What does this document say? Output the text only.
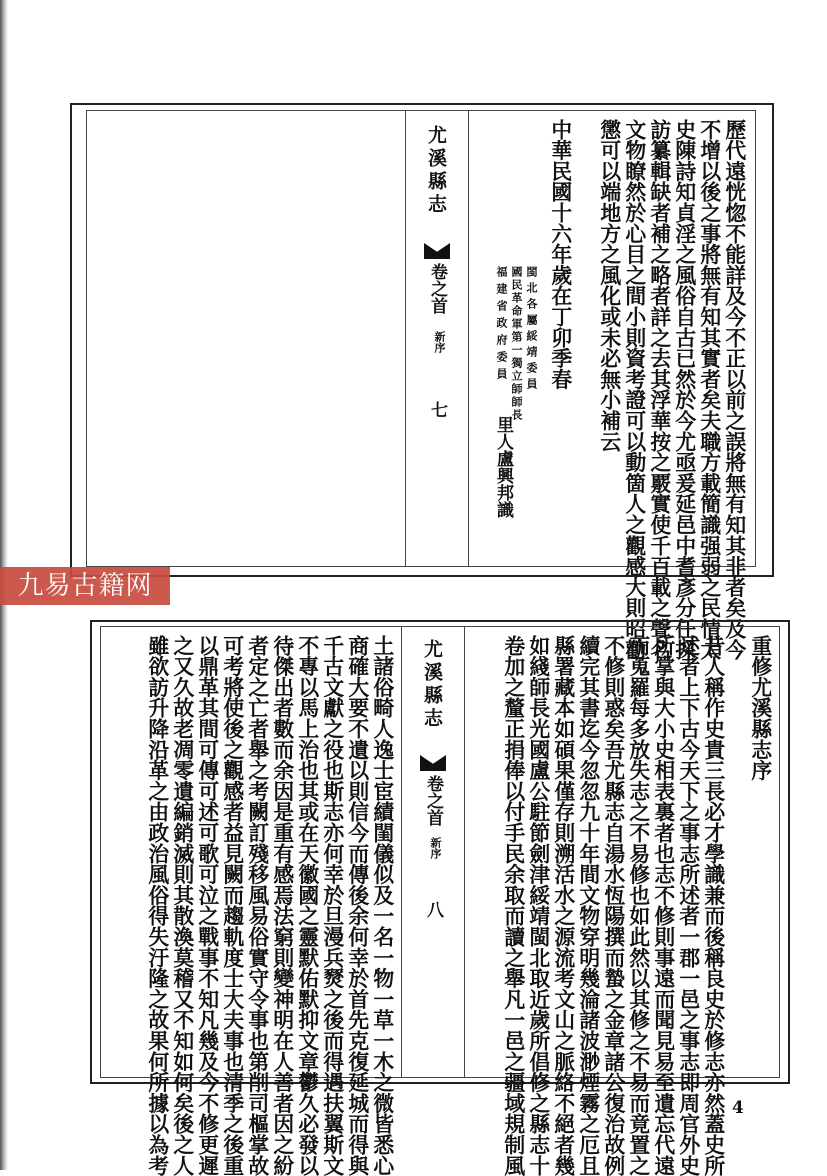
歷代遠恍惚不能詳及今不正以前之誤將無有知其非者矣及今
不增以後之事將無有知其實者矣夫職方載簡識强弱之民情太
史陳詩知貞淫之風俗自古已然於今尤亟爰延邑中耆彥分任採
訪纂輯缺者補之略者詳之去其浮華按之覈實使千百載之聲名
文物瞭然於心目之間小則資考證可以動箇人之觀感大則昭勸
懲可以端地方之風化或未必無小補云
中華民國十六年歲在丁卯季春
閩北各屬綏靖委員
國民革命軍第一獨立師師長
福建省政府委員
里人盧興邦識
尤溪縣志
卷之首
新序
七
九易古籍网
重修尤溪縣志序
昔人稱作史貴三長必才學識兼而後稱良史於修志亦然蓋史所
述者上下古今天下之事志所述者一郡一邑之事志即周官外史
所掌與大小史相表裏者也志不修則事遠而聞見易至遺忘代遠
而蒐羅每多放失志之不易修也如此然以其修之不易而竟置之
不修則惑矣吾尤縣志自湯水恆陽撰而蟄之金章諸公復治故例
續完其書迄今忽忽九十年間文物穿明幾淪諸波渺煙霧之厄且
縣署藏本如碩果僅存則溯活水之源流考文山之脈絡不絕者幾
如綫師長光國盧公駐節劍津綏靖閩北取近歲所倡修之縣志十
卷加之釐正捐俸以付手民余取而讀之舉凡一邑之疆域規制風
尤溪縣志
卷之首
新序
八
土諸俗畸人逸士宦績閨儀似及一名一物一草一木之微皆悉心
商確大要不遺以則信今而傳後余何幸於首先克復延城而得與
千古文獻之役也斯志亦何幸於旦漫兵燹之後而得遇扶翼斯文
不專以馬上治也其或在天徽國之靈默佑默抑文章鬱久必發以
待傑出者數而余因是重有感焉法窮則變神明在人善者因之紛
者定之亡者舉之考闕訂殘移風易俗實守令事也第削司樞掌故
可考將使後之觀感者益見闕而趨軌度士大夫事也清季之後重
以鼎革其間可傳可述可歌可泣之戰事不知凡幾及今不修更遲
之又久故老凋零遺編銷滅則其散渙莫稽又不知如何矣後之人
雖欲訪升降沿革之由政治風俗得失汙隆之故果何所據以為考	4
